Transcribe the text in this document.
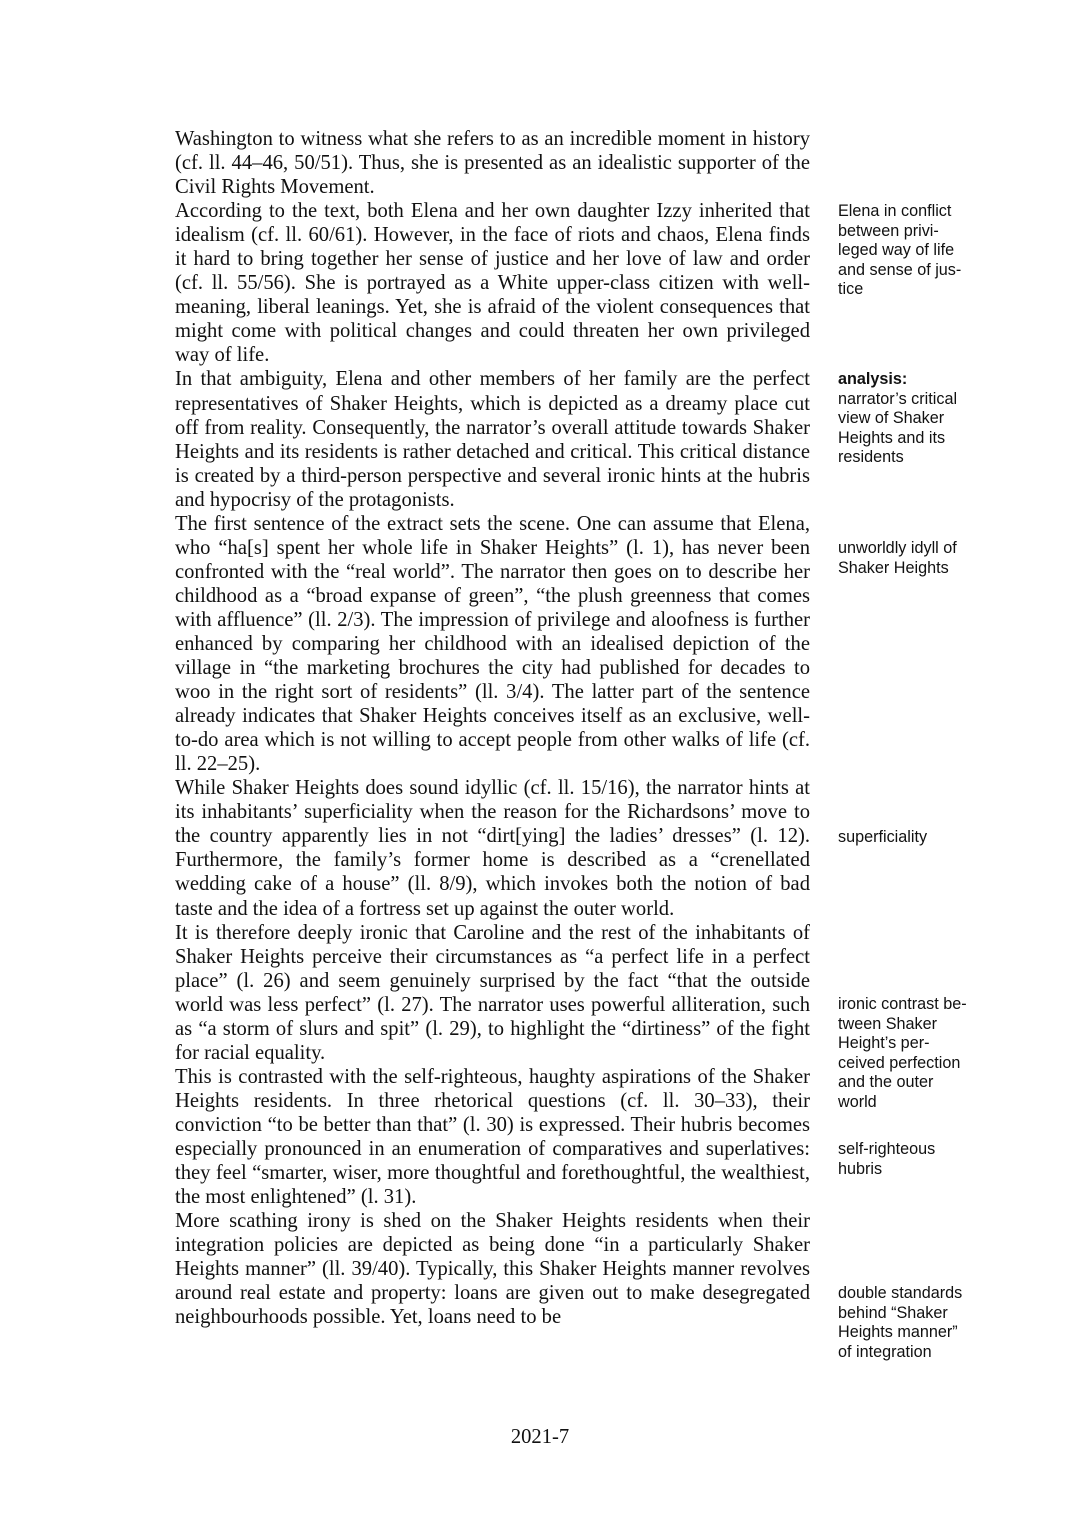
Washington to witness what she refers to as an incredible moment in history (cf. ll. 44–46, 50/51). Thus, she is presented as an idealistic supporter of the Civil Rights Movement.

According to the text, both Elena and her own daughter Izzy inherited that idealism (cf. ll. 60/61). However, in the face of riots and chaos, Elena finds it hard to bring together her sense of justice and her love of law and order (cf. ll. 55/56). She is portrayed as a White upper-class citizen with well-meaning, liberal leanings. Yet, she is afraid of the violent consequences that might come with political changes and could threaten her own privileged way of life.

In that ambiguity, Elena and other members of her family are the perfect representatives of Shaker Heights, which is depicted as a dreamy place cut off from reality. Consequently, the narrator’s overall attitude towards Shaker Heights and its residents is rather detached and critical. This critical distance is created by a third-person perspective and several ironic hints at the hubris and hypocrisy of the protagonists.

The first sentence of the extract sets the scene. One can assume that Elena, who “ha[s] spent her whole life in Shaker Heights” (l. 1), has never been confronted with the “real world”. The narrator then goes on to describe her childhood as a “broad expanse of green”, “the plush greenness that comes with affluence” (ll. 2/3). The impression of privilege and aloofness is further enhanced by comparing her childhood with an idealised depiction of the village in “the marketing brochures the city had published for decades to woo in the right sort of residents” (ll. 3/4). The latter part of the sentence already indicates that Shaker Heights conceives itself as an exclusive, well-to-do area which is not willing to accept people from other walks of life (cf. ll. 22–25).

While Shaker Heights does sound idyllic (cf. ll. 15/16), the narrator hints at its inhabitants’ superficiality when the reason for the Richardsons’ move to the country apparently lies in not “dirt[ying] the ladies’ dresses” (l. 12). Furthermore, the family’s former home is described as a “crenellated wedding cake of a house” (ll. 8/9), which invokes both the notion of bad taste and the idea of a fortress set up against the outer world.

It is therefore deeply ironic that Caroline and the rest of the inhabitants of Shaker Heights perceive their circumstances as “a perfect life in a perfect place” (l. 26) and seem genuinely surprised by the fact “that the outside world was less perfect” (l. 27). The narrator uses powerful alliteration, such as “a storm of slurs and spit” (l. 29), to highlight the “dirtiness” of the fight for racial equality.

This is contrasted with the self-righteous, haughty aspirations of the Shaker Heights residents. In three rhetorical questions (cf. ll. 30–33), their conviction “to be better than that” (l. 30) is expressed. Their hubris becomes especially pronounced in an enumeration of comparatives and superlatives: they feel “smarter, wiser, more thoughtful and forethoughtful, the wealthiest, the most enlightened” (l. 31).

More scathing irony is shed on the Shaker Heights residents when their integration policies are depicted as being done “in a particularly Shaker Heights manner” (ll. 39/40). Typically, this Shaker Heights manner revolves around real estate and property: loans are given out to make desegregated neighbourhoods possible. Yet, loans need to be

Elena in conflict
between privi-
leged way of life
and sense of jus-
tice
analysis:
narrator’s critical
view of Shaker
Heights and its
residents
unworldly idyll of
Shaker Heights
superficiality
ironic contrast be-
tween Shaker
Height’s per-
ceived perfection
and the outer
world
self-righteous
hubris
double standards
behind “Shaker
Heights manner”
of integration
2021-7
